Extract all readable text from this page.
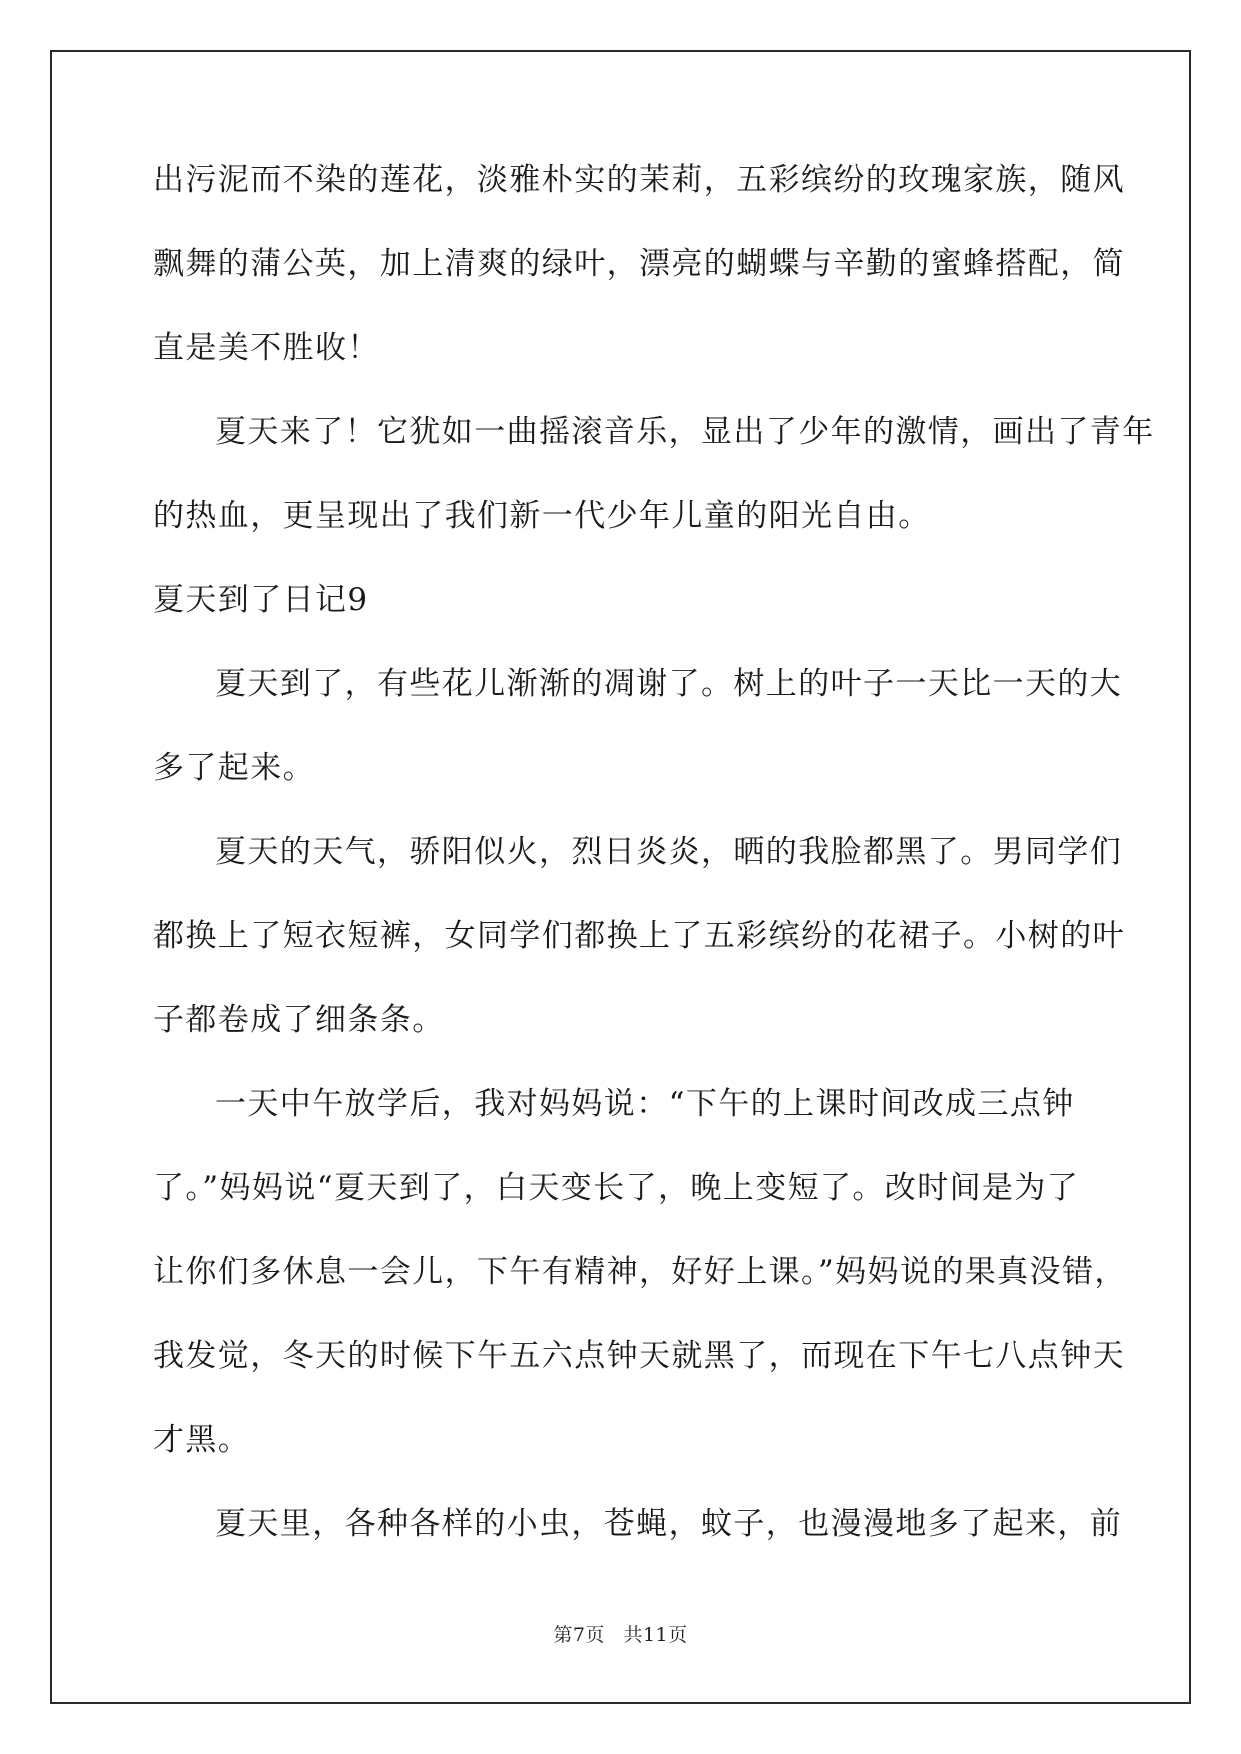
出污泥而不染的莲花，淡雅朴实的茉莉，五彩缤纷的玫瑰家族，随风
飘舞的蒲公英，加上清爽的绿叶，漂亮的蝴蝶与辛勤的蜜蜂搭配，简
直是美不胜收！
夏天来了！它犹如一曲摇滚音乐，显出了少年的激情，画出了青年
的热血，更呈现出了我们新一代少年儿童的阳光自由。
夏天到了日记9
夏天到了，有些花儿渐渐的凋谢了。树上的叶子一天比一天的大
多了起来。
夏天的天气，骄阳似火，烈日炎炎，晒的我脸都黑了。男同学们
都换上了短衣短裤，女同学们都换上了五彩缤纷的花裙子。小树的叶
子都卷成了细条条。
一天中午放学后，我对妈妈说：“下午的上课时间改成三点钟
了。”妈妈说“夏天到了，白天变长了，晚上变短了。改时间是为了
让你们多休息一会儿，下午有精神，好好上课。”妈妈说的果真没错，
我发觉，冬天的时候下午五六点钟天就黑了，而现在下午七八点钟天
才黑。
夏天里，各种各样的小虫，苍蝇，蚊子，也漫漫地多了起来，前
第7页 共11页
